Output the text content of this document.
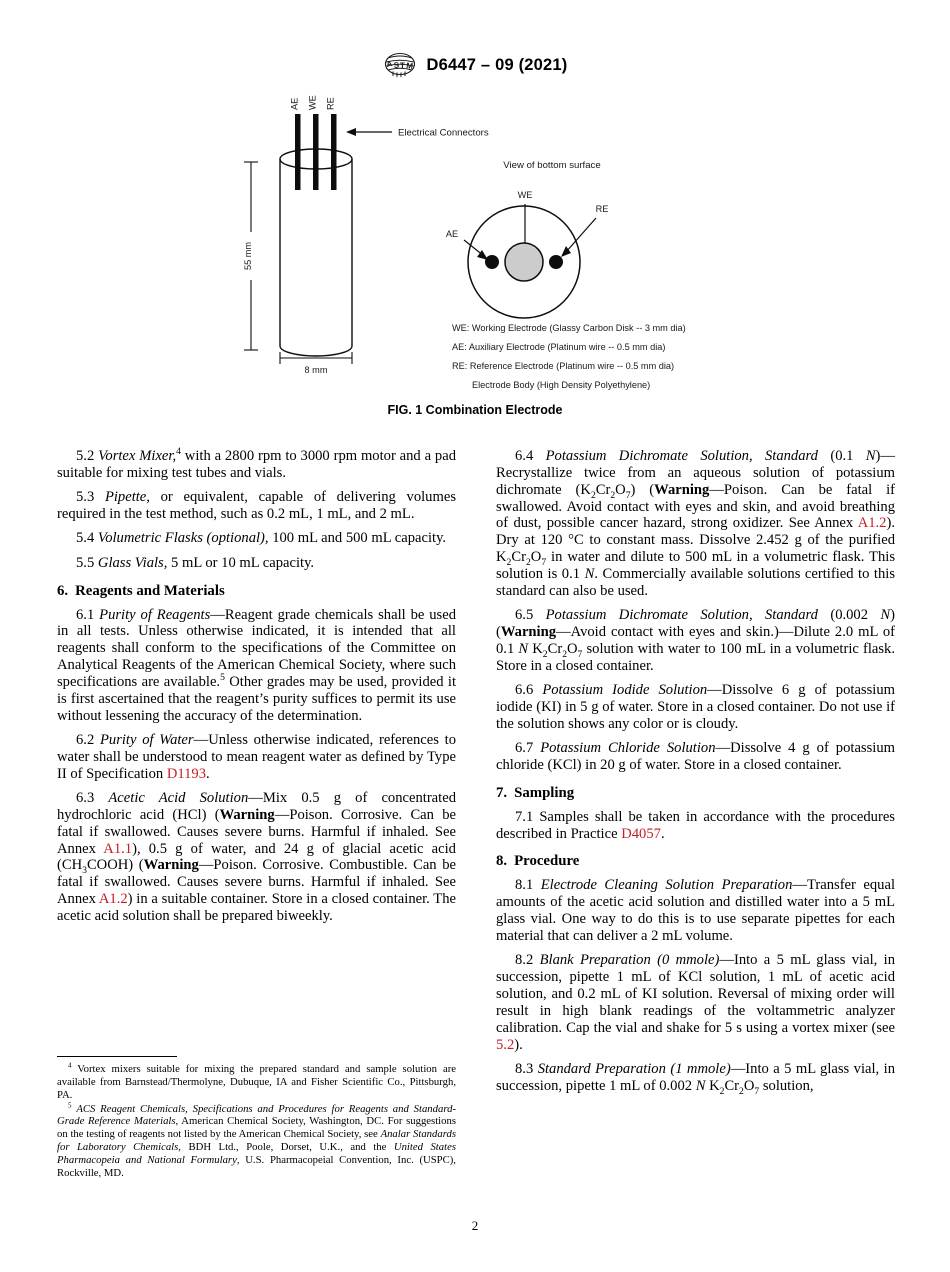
A S T M D6447 – 09 (2021)
AE WE RE
Electrical Connectors
55 mm
8 mm
View of bottom surface
WE
AE
RE
WE: Working Electrode (Glassy Carbon Disk -- 3 mm dia)
AE: Auxiliary Electrode (Platinum wire -- 0.5 mm dia)
RE: Reference Electrode (Platinum wire -- 0.5 mm dia)
Electrode Body (High Density Polyethylene)
FIG. 1 Combination Electrode

5.2 Vortex Mixer,$^4$ with a 2800 rpm to 3000 rpm motor and a pad suitable for mixing test tubes and vials.

5.3 Pipette, or equivalent, capable of delivering volumes required in the test method, such as 0.2 mL, 1 mL, and 2 mL.

5.4 Volumetric Flasks (optional), 100 mL and 500 mL capacity.

5.5 Glass Vials, 5 mL or 10 mL capacity.

6. Reagents and Materials

6.1 Purity of Reagents—Reagent grade chemicals shall be used in all tests. Unless otherwise indicated, it is intended that all reagents shall conform to the specifications of the Committee on Analytical Reagents of the American Chemical Society, where such specifications are available.$^5$ Other grades may be used, provided it is first ascertained that the reagent’s purity suffices to permit its use without lessening the accuracy of the determination.

6.2 Purity of Water—Unless otherwise indicated, references to water shall be understood to mean reagent water as defined by Type II of Specification D1193.

6.3 Acetic Acid Solution—Mix 0.5 g of concentrated hydrochloric acid (HCl) (Warning—Poison. Corrosive. Can be fatal if swallowed. Causes severe burns. Harmful if inhaled. See Annex A1.1), 0.5 g of water, and 24 g of glacial acetic acid $(CH_3COOH)$ (Warning—Poison. Corrosive. Combustible. Can be fatal if swallowed. Causes severe burns. Harmful if inhaled. See Annex A1.2) in a suitable container. Store in a closed container. The acetic acid solution shall be prepared biweekly.

6.4 Potassium Dichromate Solution, Standard (0.1 N)—Recrystallize twice from an aqueous solution of potassium dichromate $(K_2Cr_2O_7)$ (Warning—Poison. Can be fatal if swallowed. Avoid contact with eyes and skin, and avoid breathing of dust, possible cancer hazard, strong oxidizer. See Annex A1.2). Dry at 120 °C to constant mass. Dissolve 2.452 g of the purified $K_2Cr_2O_7$ in water and dilute to 500 mL in a volumetric flask. This solution is 0.1 N. Commercially available solutions certified to this standard can also be used.

6.5 Potassium Dichromate Solution, Standard (0.002 N) (Warning—Avoid contact with eyes and skin.)—Dilute 2.0 mL of 0.1 N $K_2Cr_2O_7$ solution with water to 100 mL in a volumetric flask. Store in a closed container.

6.6 Potassium Iodide Solution—Dissolve 6 g of potassium iodide (KI) in 5 g of water. Store in a closed container. Do not use if the solution shows any color or is cloudy.

6.7 Potassium Chloride Solution—Dissolve 4 g of potassium chloride (KCl) in 20 g of water. Store in a closed container.

7. Sampling

7.1 Samples shall be taken in accordance with the procedures described in Practice D4057.

8. Procedure

8.1 Electrode Cleaning Solution Preparation—Transfer equal amounts of the acetic acid solution and distilled water into a 5 mL glass vial. One way to do this is to use separate pipettes for each material that can deliver a 2 mL volume.

8.2 Blank Preparation (0 mmole)—Into a 5 mL glass vial, in succession, pipette 1 mL of KCl solution, 1 mL of acetic acid solution, and 0.2 mL of KI solution. Reversal of mixing order will result in high blank readings of the voltammetric analyzer calibration. Cap the vial and shake for 5 s using a vortex mixer (see 5.2).

8.3 Standard Preparation (1 mmole)—Into a 5 mL glass vial, in succession, pipette 1 mL of 0.002 N $K_2Cr_2O_7$ solution,

$^4$ Vortex mixers suitable for mixing the prepared standard and sample solution are available from Barnstead/Thermolyne, Dubuque, IA and Fisher Scientific Co., Pittsburgh, PA.

$^5$ ACS Reagent Chemicals, Specifications and Procedures for Reagents and Standard-Grade Reference Materials, American Chemical Society, Washington, DC. For suggestions on the testing of reagents not listed by the American Chemical Society, see Analar Standards for Laboratory Chemicals, BDH Ltd., Poole, Dorset, U.K., and the United States Pharmacopeia and National Formulary, U.S. Pharmacopeial Convention, Inc. (USPC), Rockville, MD.

2
